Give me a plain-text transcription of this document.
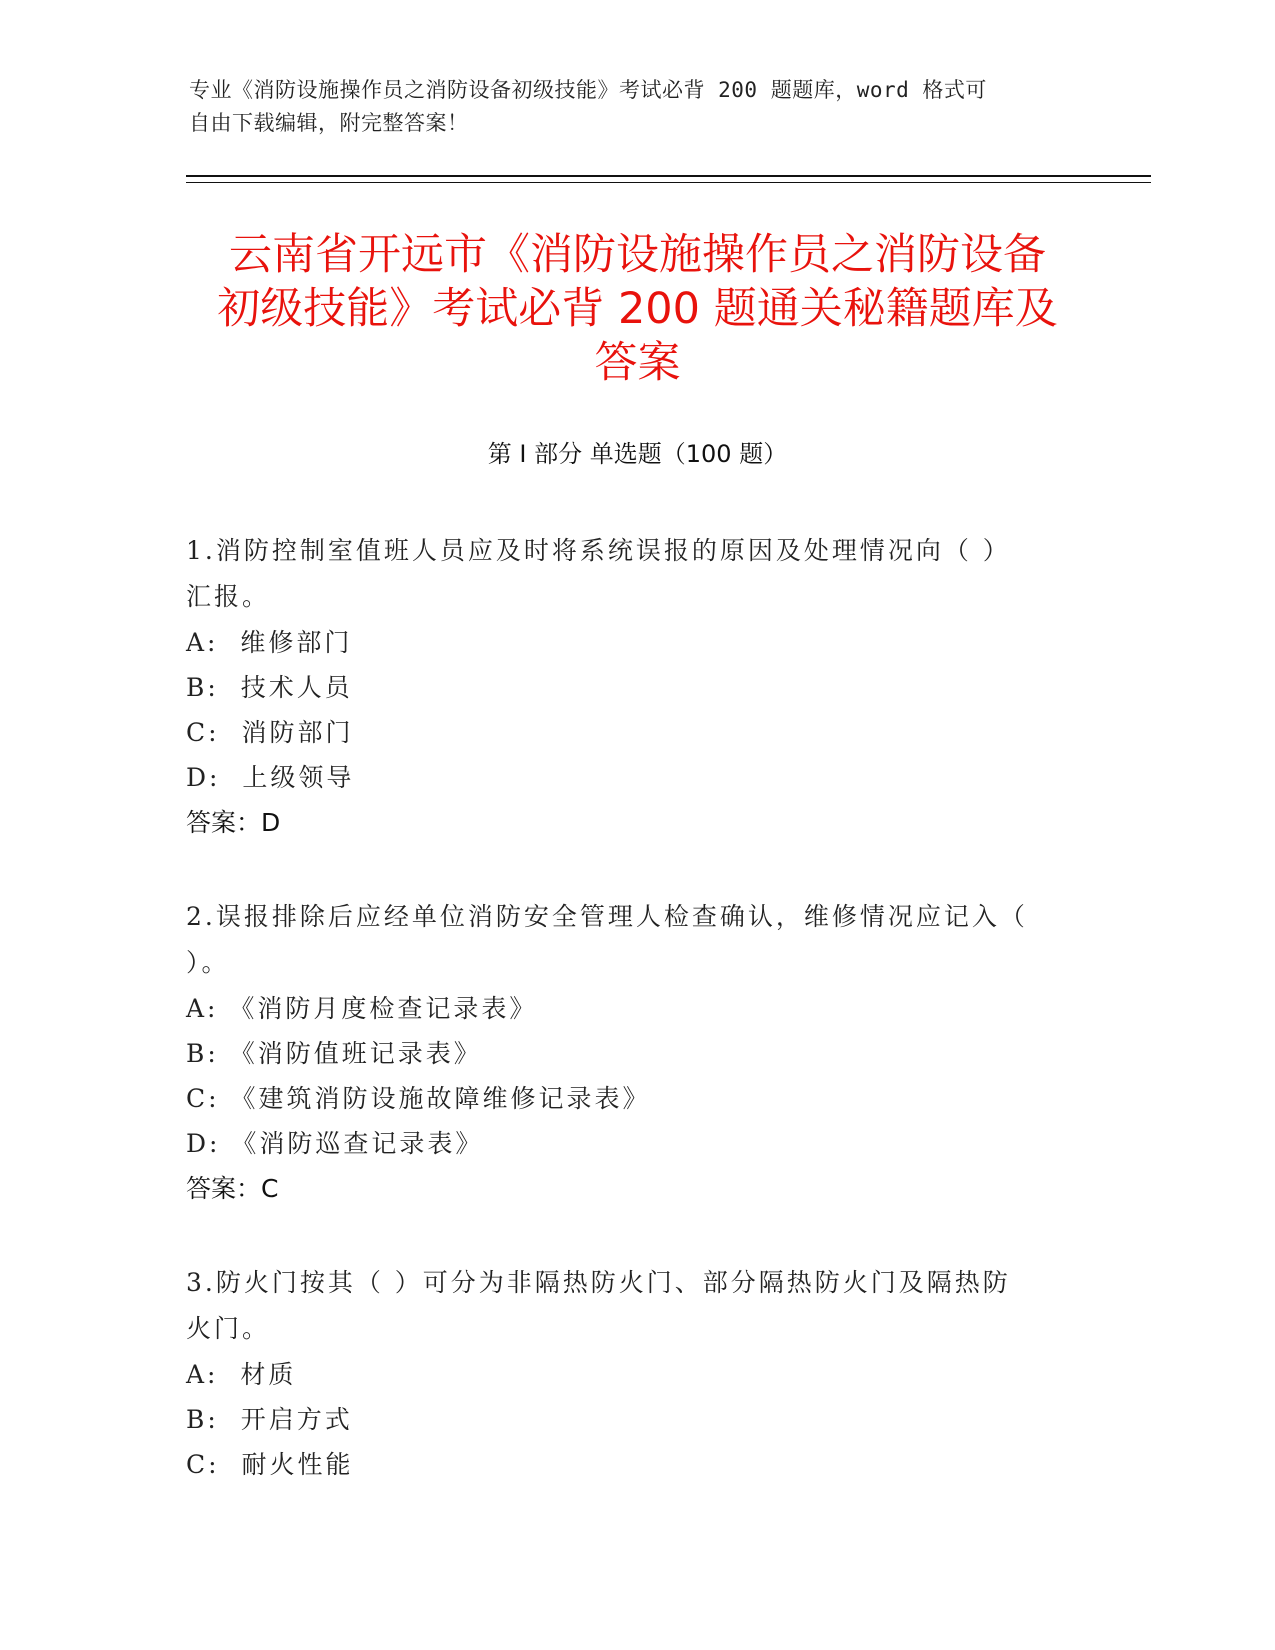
专业《消防设施操作员之消防设备初级技能》考试必背 200 题题库，word 格式可
自由下载编辑，附完整答案！
云南省开远市《消防设施操作员之消防设备
初级技能》考试必背 200 题通关秘籍题库及
答案
第 I 部分 单选题（100 题）
1.消防控制室值班人员应及时将系统误报的原因及处理情况向（ ）
汇报。
A:  维修部门
B:  技术人员
C:  消防部门
D:  上级领导
答案：D
2.误报排除后应经单位消防安全管理人检查确认，维修情况应记入（
）。
A: 《消防月度检查记录表》
B: 《消防值班记录表》
C: 《建筑消防设施故障维修记录表》
D: 《消防巡查记录表》
答案：C
3.防火门按其（ ）可分为非隔热防火门、部分隔热防火门及隔热防
火门。
A:  材质
B:  开启方式
C:  耐火性能
